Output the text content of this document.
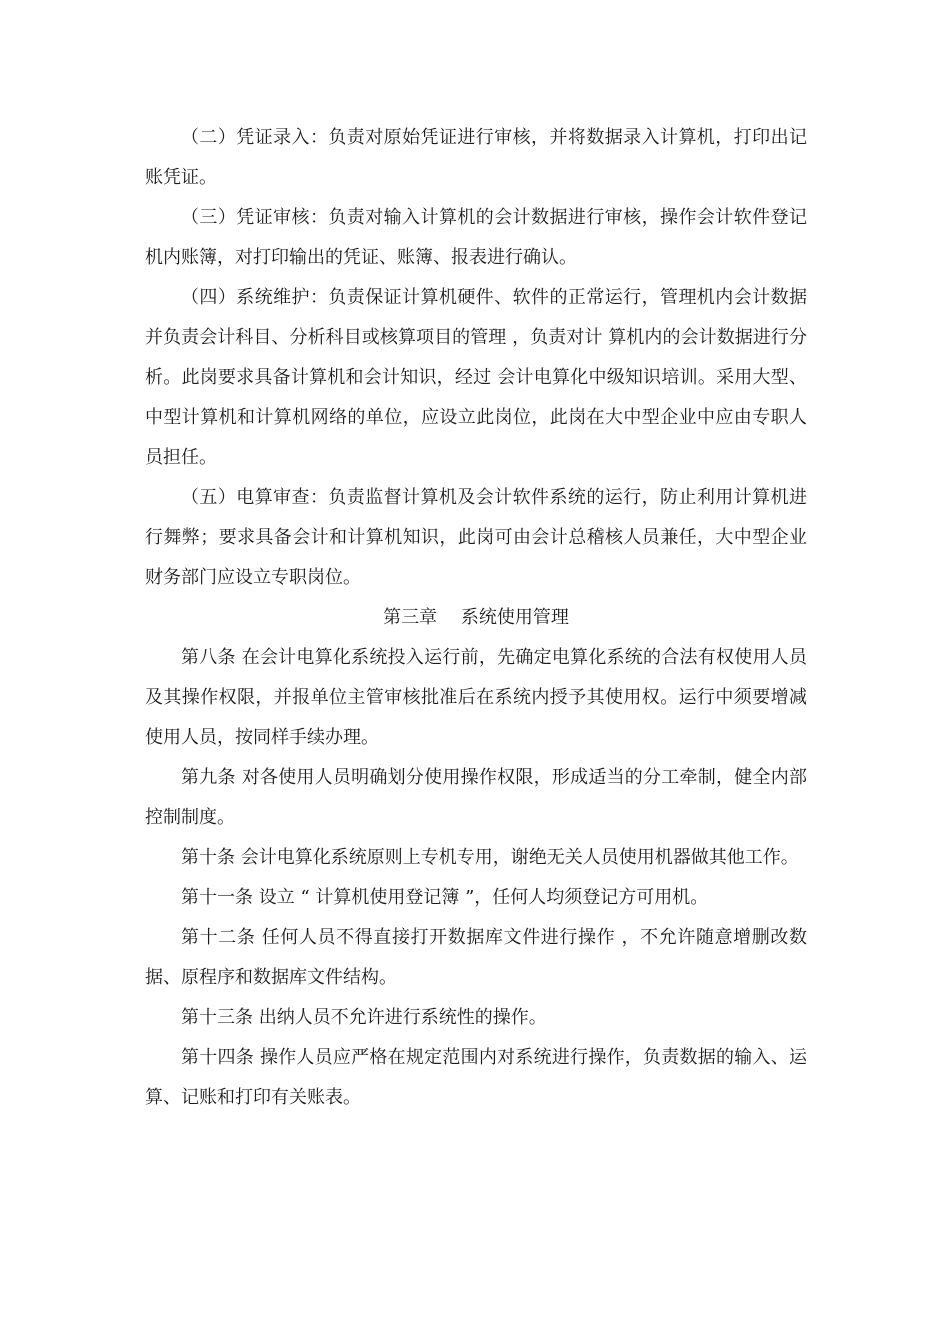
（二）凭证录入：负责对原始凭证进行审核，并将数据录入计算机，打印出记账凭证。

（三）凭证审核：负责对输入计算机的会计数据进行审核，操作会计软件登记机内账簿，对打印输出的凭证、账簿、报表进行确认。

（四）系统维护：负责保证计算机硬件、软件的正常运行，管理机内会计数据并负责会计科目、分析科目或核算项目的管理 ，负责对计 算机内的会计数据进行分析。此岗要求具备计算机和会计知识，经过 会计电算化中级知识培训。采用大型、中型计算机和计算机网络的单位，应设立此岗位，此岗在大中型企业中应由专职人员担任。

（五）电算审查：负责监督计算机及会计软件系统的运行，防止利用计算机进行舞弊；要求具备会计和计算机知识，此岗可由会计总稽核人员兼任，大中型企业财务部门应设立专职岗位。

第三章　 系统使用管理

第八条 在会计电算化系统投入运行前，先确定电算化系统的合法有权使用人员及其操作权限，并报单位主管审核批准后在系统内授予其使用权。运行中须要增减使用人员，按同样手续办理。

第九条 对各使用人员明确划分使用操作权限，形成适当的分工牵制，健全内部控制制度。

第十条 会计电算化系统原则上专机专用，谢绝无关人员使用机器做其他工作。

第十一条 设立 “ 计算机使用登记簿 ”，任何人均须登记方可用机。

第十二条 任何人员不得直接打开数据库文件进行操作 ，不允许随意增删改数据、原程序和数据库文件结构。

第十三条 出纳人员不允许进行系统性的操作。

第十四条 操作人员应严格在规定范围内对系统进行操作，负责数据的输入、运算、记账和打印有关账表。
